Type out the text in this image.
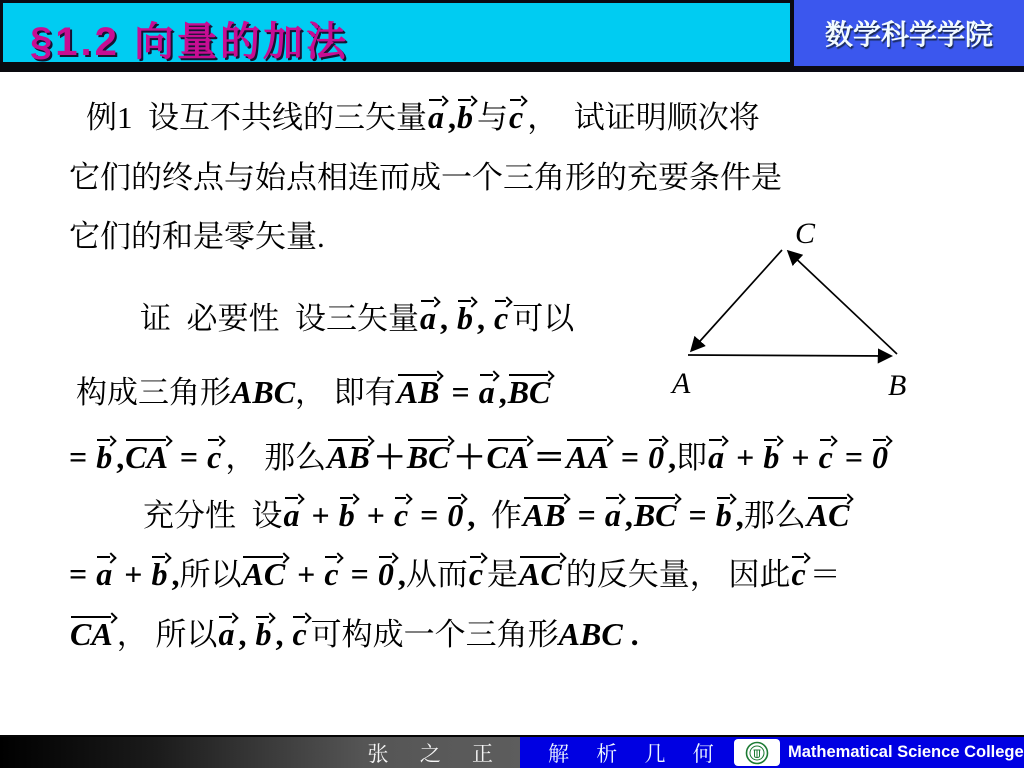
§1.2 向量的加法	数学科学学院
例1  设互不共线的三矢量a ,b 与c ，  试证明顺次将
它们的终点与始点相连而成一个三角形的充要条件是
它们的和是零矢量.
证  必要性  设三矢量a , b , c 可以
构成三角形ABC， 即有AB = a ,BC
= b ,CA = c ， 那么AB ＋BC ＋CA ＝AA = 0 ,即a + b + c = 0
充分性  设a + b + c = 0 ,  作AB = a ,BC = b ,那么AC
= a + b ,所以AC + c = 0 ,从而c 是AC 的反矢量， 因此c ＝
CA ， 所以a , b , c 可构成一个三角形ABC .
C
A	B
张 之 正	解 析 几 何	Mathematical Science College
